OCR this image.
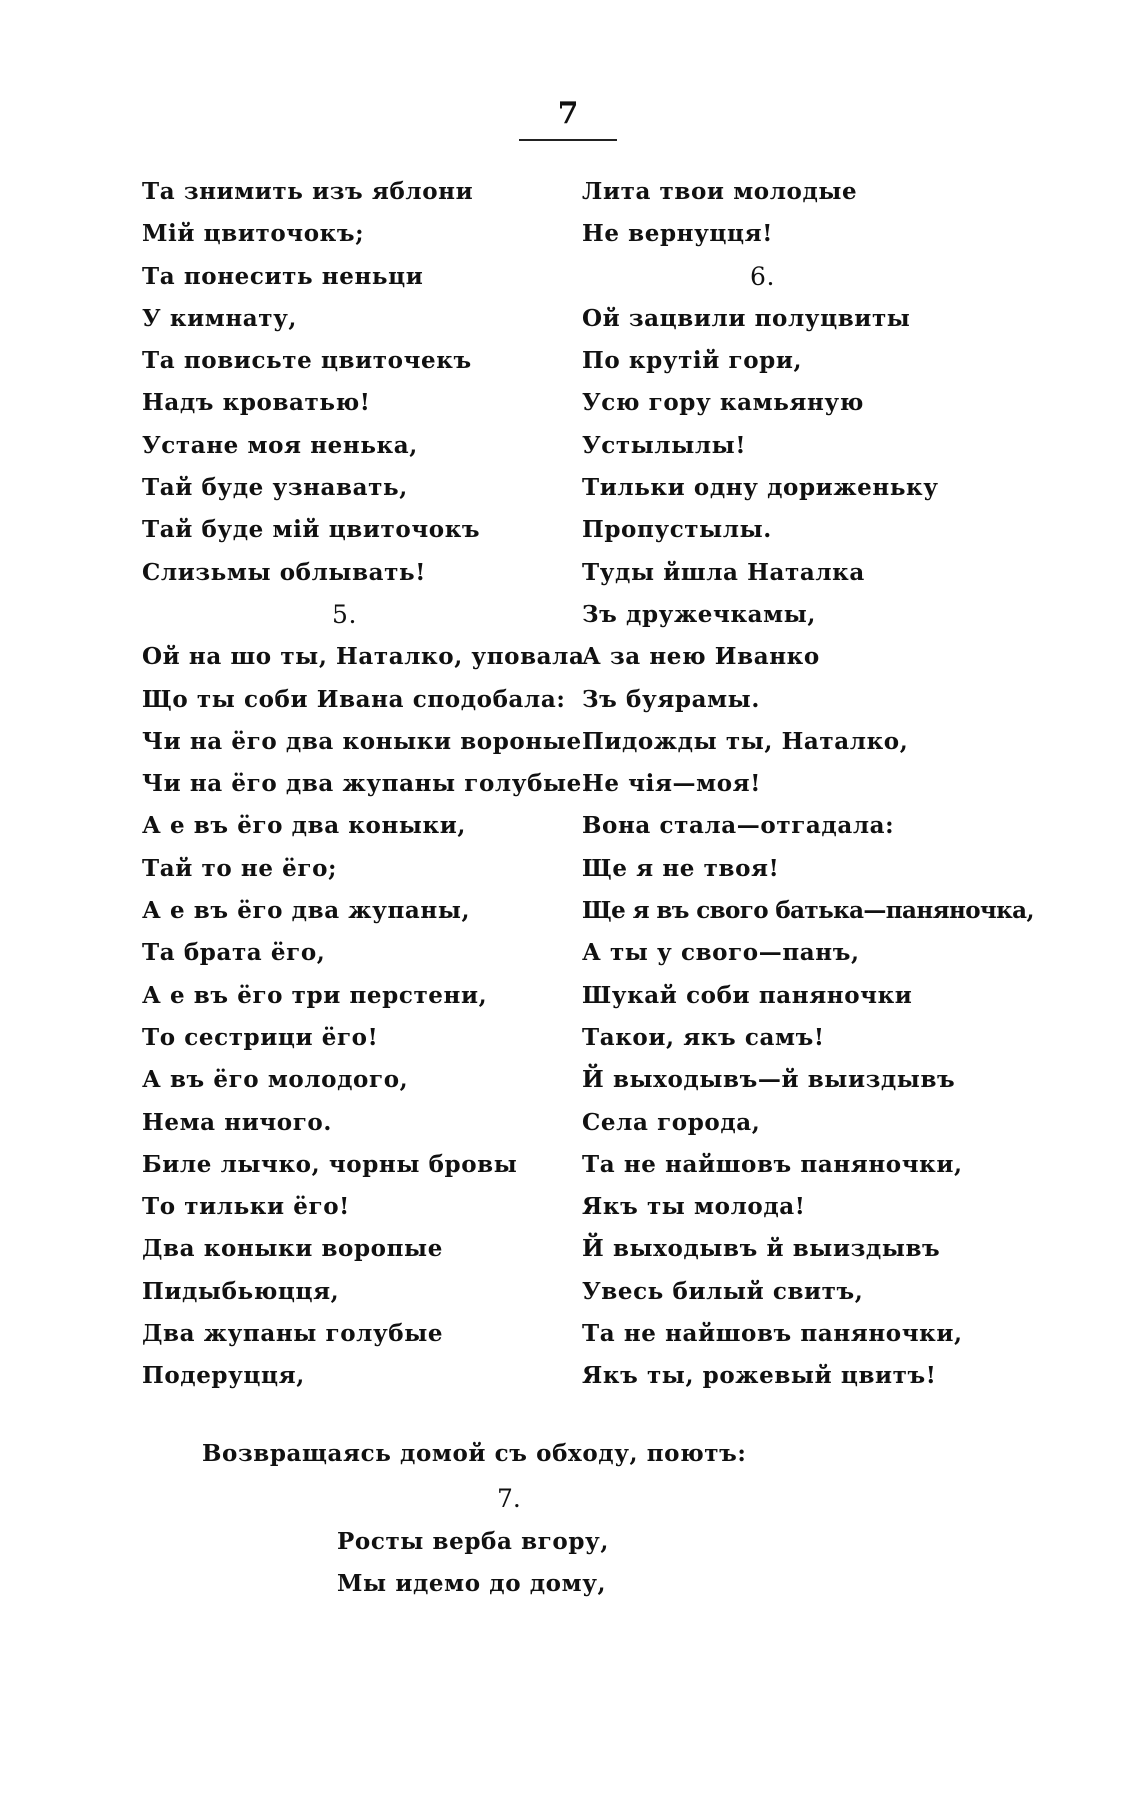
7
Та знимить изъ яблони
Мій цвиточокъ;
Та понесить неньци
У кимнату,
Та повисьте цвиточекъ
Надъ кроватью!
Устане моя ненька,
Тай буде узнавать,
Тай буде мій цвиточокъ
Слизьмы облывать!
5.
Ой на шо ты, Наталко, уповала
Що ты соби Ивана сподобала:
Чи на ёго два коныки вороные
Чи на ёго два жупаны голубые!
А е въ ёго два коныки,
Тай то не ёго;
А е въ ёго два жупаны,
Та брата ёго,
А е въ ёго три перстени,
То сестрици ёго!
А въ ёго молодого,
Нема ничого.
Биле лычко, чорны бровы
То тильки ёго!
Два коныки воропые
Пидыбьюцця,
Два жупаны голубые
Подеруцця,
Лита твои молодые
Не вернуцця!
6.
Ой зацвили полуцвиты
По крутій гори,
Усю гору камьяную
Устылылы!
Тильки одну дориженьку
Пропустылы.
Туды йшла Наталка
Зъ дружечкамы,
А за нею Иванко
Зъ буярамы.
Пидожды ты, Наталко,
Не чія—моя!
Вона стала—отгадала:
Ще я не твоя!
Ще я въ свого батька—паняночка,
А ты у свого—панъ,
Шукай соби паняночки
Такои, якъ самъ!
Й выходывъ—й выиздывъ
Села города,
Та не найшовъ паняночки,
Якъ ты молода!
Й выходывъ й выиздывъ
Увесь билый свитъ,
Та не найшовъ паняночки,
Якъ ты, рожевый цвитъ!
Возвращаясь домой съ обходу, поютъ:
7.
Росты верба вгору,
Мы идемо до дому,
